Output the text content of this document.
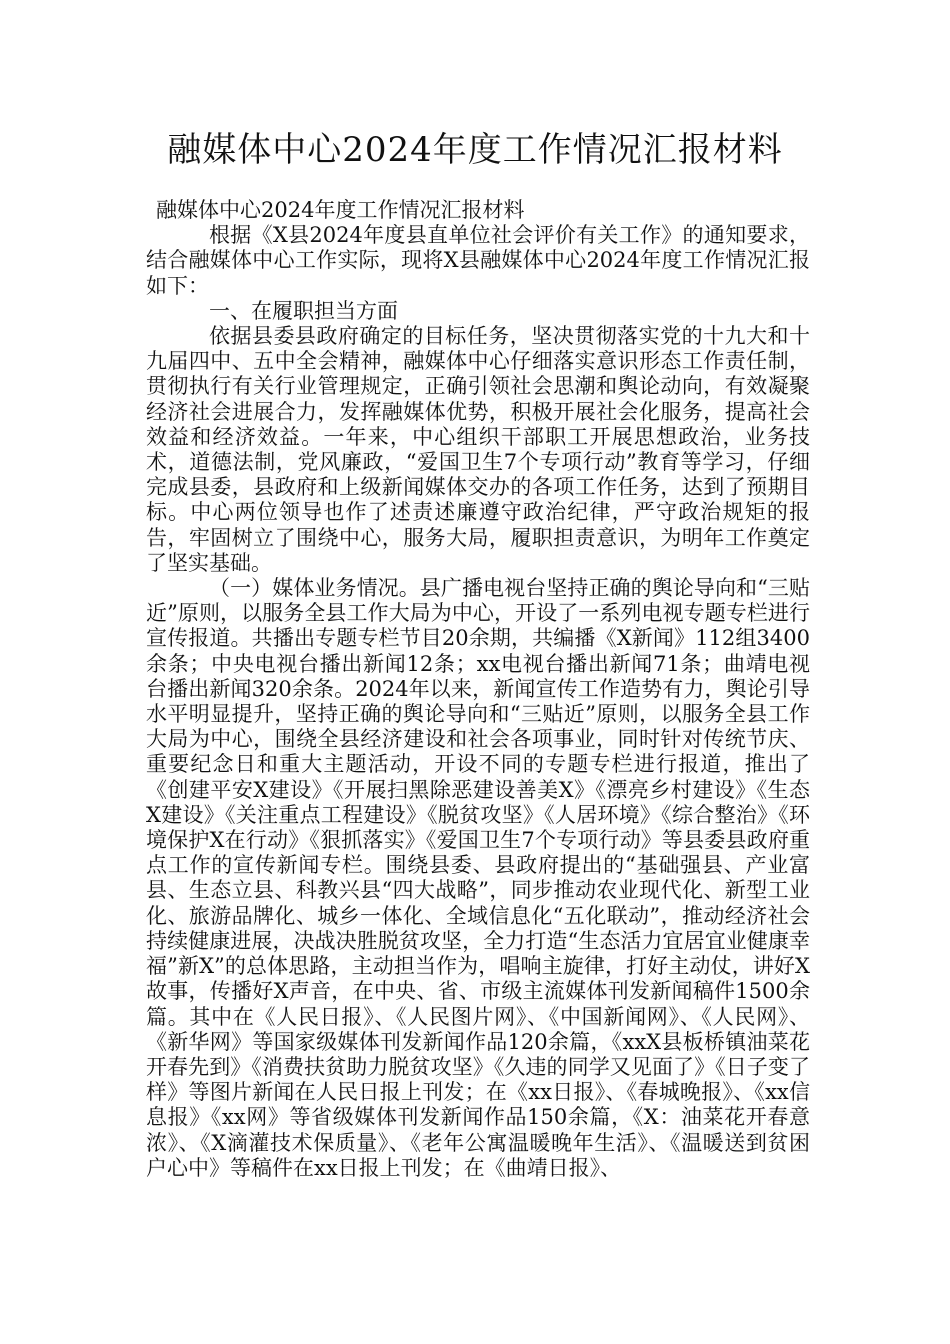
融媒体中心2024年度工作情况汇报材料

融媒体中心2024年度工作情况汇报材料

根据《X县2024年度县直单位社会评价有关工作》的通知要求，结合融媒体中心工作实际，现将X县融媒体中心2024年度工作情况汇报如下：

一、在履职担当方面

依据县委县政府确定的目标任务，坚决贯彻落实党的十九大和十九届四中、五中全会精神，融媒体中心仔细落实意识形态工作责任制，贯彻执行有关行业管理规定，正确引领社会思潮和舆论动向，有效凝聚经济社会进展合力，发挥融媒体优势，积极开展社会化服务，提高社会效益和经济效益。一年来，中心组织干部职工开展思想政治，业务技术，道德法制，党风廉政，“爱国卫生7个专项行动”教育等学习，仔细完成县委，县政府和上级新闻媒体交办的各项工作任务，达到了预期目标。中心两位领导也作了述责述廉遵守政治纪律，严守政治规矩的报告，牢固树立了围绕中心，服务大局，履职担责意识，为明年工作奠定了坚实基础。

（一）媒体业务情况。县广播电视台坚持正确的舆论导向和“三贴近”原则，以服务全县工作大局为中心，开设了一系列电视专题专栏进行宣传报道。共播出专题专栏节目20余期，共编播《X新闻》112组3400余条；中央电视台播出新闻12条；xx电视台播出新闻71条；曲靖电视台播出新闻320余条。2024年以来，新闻宣传工作造势有力，舆论引导水平明显提升，坚持正确的舆论导向和“三贴近”原则，以服务全县工作大局为中心，围绕全县经济建设和社会各项事业，同时针对传统节庆、重要纪念日和重大主题活动，开设不同的专题专栏进行报道，推出了《创建平安X建设》《开展扫黑除恶建设善美X》《漂亮乡村建设》《生态X建设》《关注重点工程建设》《脱贫攻坚》《人居环境》《综合整治》《环境保护X在行动》《狠抓落实》《爱国卫生7个专项行动》等县委县政府重点工作的宣传新闻专栏。围绕县委、县政府提出的“基础强县、产业富县、生态立县、科教兴县“四大战略”，同步推动农业现代化、新型工业化、旅游品牌化、城乡一体化、全域信息化“五化联动”，推动经济社会持续健康进展，决战决胜脱贫攻坚，全力打造“生态活力宜居宜业健康幸福”新X”的总体思路，主动担当作为，唱响主旋律，打好主动仗，讲好X故事，传播好X声音，在中央、省、市级主流媒体刊发新闻稿件1500余篇。其中在《人民日报》、《人民图片网》、《中国新闻网》、《人民网》、《新华网》等国家级媒体刊发新闻作品120余篇，《xxX县板桥镇油菜花开春先到》《消费扶贫助力脱贫攻坚》《久违的同学又见面了》《日子变了样》等图片新闻在人民日报上刊发；在《xx日报》、《春城晚报》、《xx信息报》《xx网》等省级媒体刊发新闻作品150余篇，《X：油菜花开春意浓》、《X滴灌技术保质量》、《老年公寓温暖晚年生活》、《温暖送到贫困户心中》等稿件在xx日报上刊发；在《曲靖日报》、
